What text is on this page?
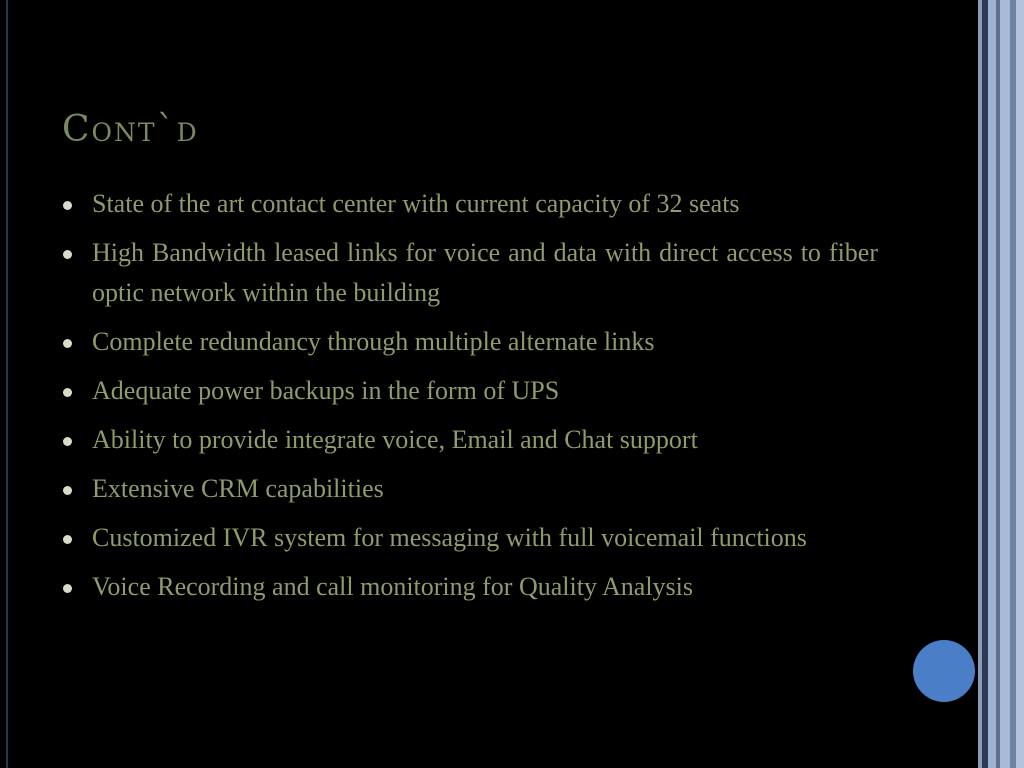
Cont`d
State of the art contact center with current capacity of 32 seats
High Bandwidth leased links for voice and data with direct access to fiber optic network within the building
Complete redundancy through multiple alternate links
Adequate power backups in the form of UPS
Ability to provide integrate voice, Email and Chat support
Extensive CRM capabilities
Customized IVR system for messaging with full voicemail functions
Voice Recording and call monitoring for Quality Analysis
